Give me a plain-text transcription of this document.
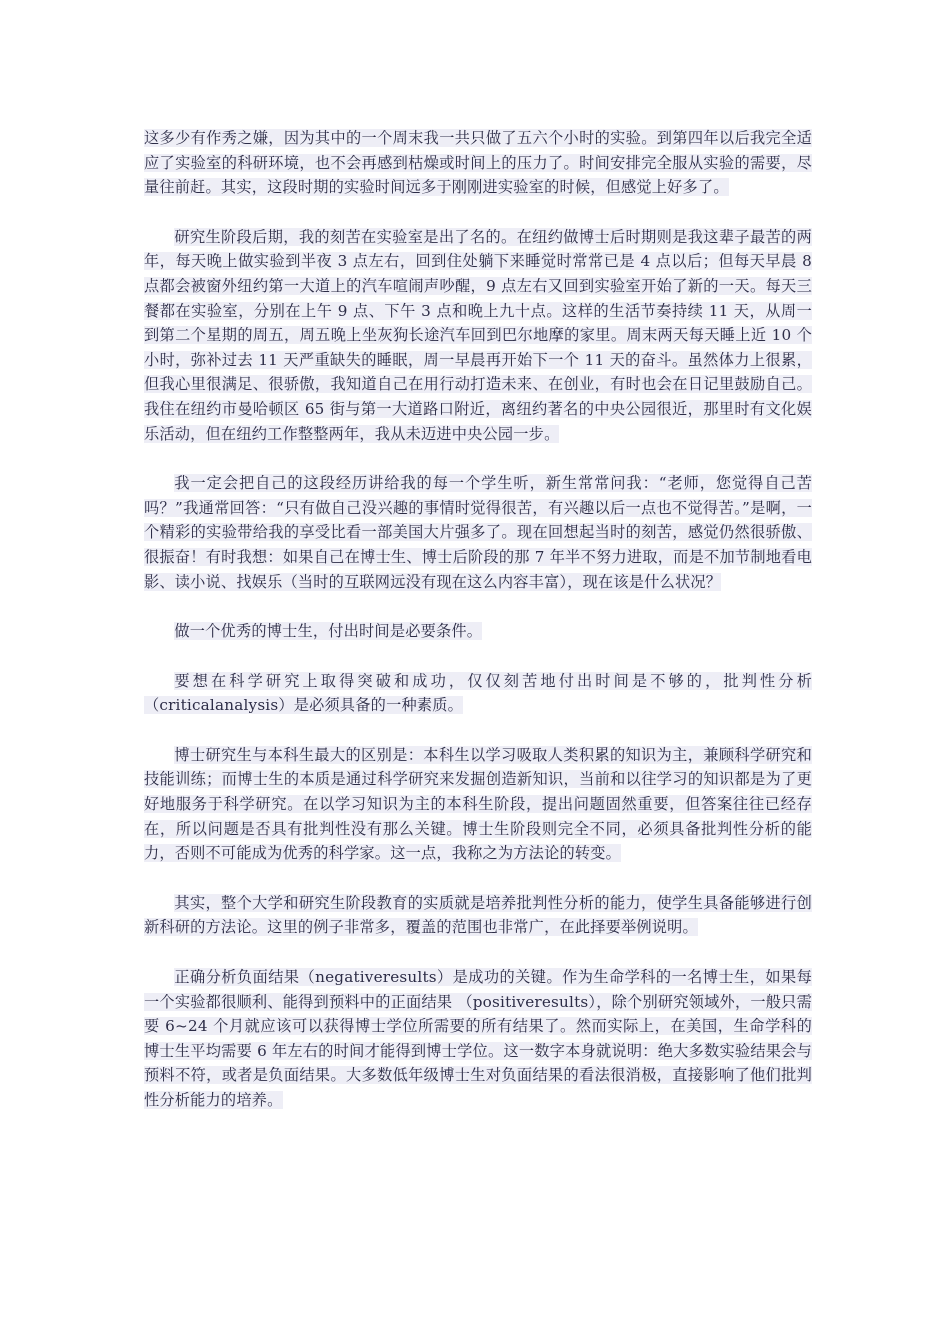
这多少有作秀之嫌，因为其中的一个周末我一共只做了五六个小时的实验。到第四年以后我完全适应了实验室的科研环境，也不会再感到枯燥或时间上的压力了。时间安排完全服从实验的需要，尽量往前赶。其实，这段时期的实验时间远多于刚刚进实验室的时候，但感觉上好多了。

研究生阶段后期，我的刻苦在实验室是出了名的。在纽约做博士后时期则是我这辈子最苦的两年，每天晚上做实验到半夜 3 点左右，回到住处躺下来睡觉时常常已是 4 点以后；但每天早晨 8 点都会被窗外纽约第一大道上的汽车喧闹声吵醒，9 点左右又回到实验室开始了新的一天。每天三餐都在实验室，分别在上午 9 点、下午 3 点和晚上九十点。这样的生活节奏持续 11 天，从周一到第二个星期的周五，周五晚上坐灰狗长途汽车回到巴尔地摩的家里。周末两天每天睡上近 10 个小时，弥补过去 11 天严重缺失的睡眠，周一早晨再开始下一个 11 天的奋斗。虽然体力上很累，但我心里很满足、很骄傲，我知道自己在用行动打造未来、在创业，有时也会在日记里鼓励自己。我住在纽约市曼哈顿区 65 街与第一大道路口附近，离纽约著名的中央公园很近，那里时有文化娱乐活动，但在纽约工作整整两年，我从未迈进中央公园一步。

我一定会把自己的这段经历讲给我的每一个学生听，新生常常问我：“老师，您觉得自己苦吗？”我通常回答：“只有做自己没兴趣的事情时觉得很苦，有兴趣以后一点也不觉得苦。”是啊，一个精彩的实验带给我的享受比看一部美国大片强多了。现在回想起当时的刻苦，感觉仍然很骄傲、很振奋！有时我想：如果自己在博士生、博士后阶段的那 7 年半不努力进取，而是不加节制地看电影、读小说、找娱乐（当时的互联网远没有现在这么内容丰富），现在该是什么状况？

做一个优秀的博士生，付出时间是必要条件。

要想在科学研究上取得突破和成功，仅仅刻苦地付出时间是不够的，批判性分析（criticalanalysis）是必须具备的一种素质。

博士研究生与本科生最大的区别是：本科生以学习吸取人类积累的知识为主，兼顾科学研究和技能训练；而博士生的本质是通过科学研究来发掘创造新知识，当前和以往学习的知识都是为了更好地服务于科学研究。在以学习知识为主的本科生阶段，提出问题固然重要，但答案往往已经存在，所以问题是否具有批判性没有那么关键。博士生阶段则完全不同，必须具备批判性分析的能力，否则不可能成为优秀的科学家。这一点，我称之为方法论的转变。

其实，整个大学和研究生阶段教育的实质就是培养批判性分析的能力，使学生具备能够进行创新科研的方法论。这里的例子非常多，覆盖的范围也非常广，在此择要举例说明。

正确分析负面结果（negativeresults）是成功的关键。作为生命学科的一名博士生，如果每一个实验都很顺利、能得到预料中的正面结果 （positiveresults），除个别研究领域外，一般只需要 6~24 个月就应该可以获得博士学位所需要的所有结果了。然而实际上，在美国，生命学科的博士生平均需要 6 年左右的时间才能得到博士学位。这一数字本身就说明：绝大多数实验结果会与预料不符，或者是负面结果。大多数低年级博士生对负面结果的看法很消极，直接影响了他们批判性分析能力的培养。
